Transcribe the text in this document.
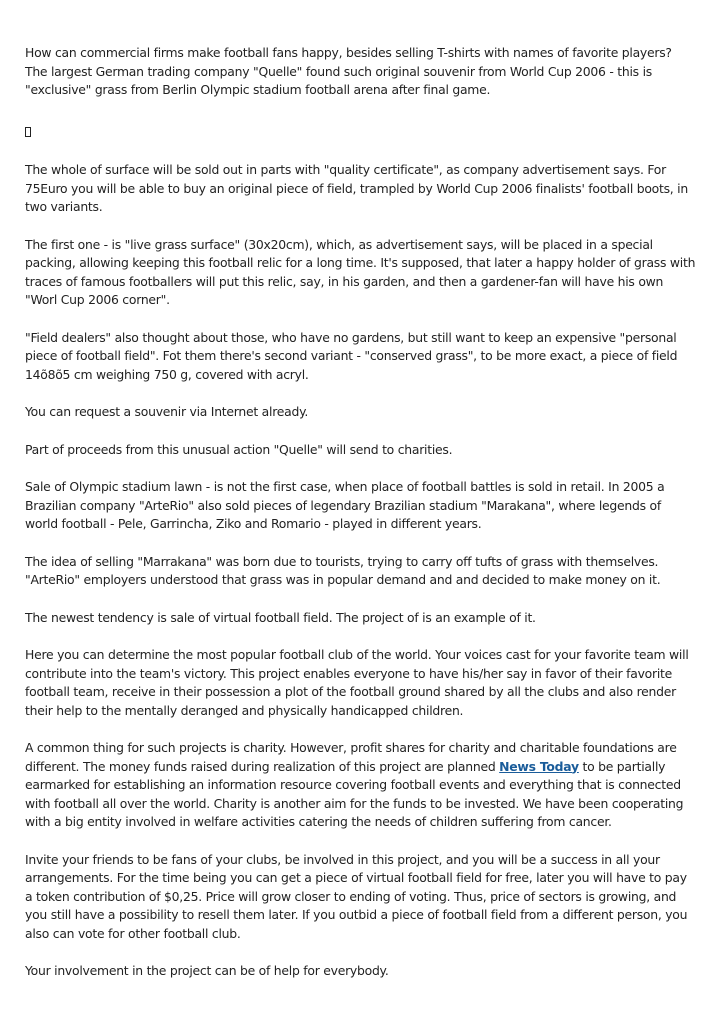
How can commercial firms make football fans happy, besides selling T-shirts with names of favorite players? The largest German trading company "Quelle" found such original souvenir from World Cup 2006 - this is "exclusive" grass from Berlin Olympic stadium football arena after final game.

The whole of surface will be sold out in parts with "quality certificate", as company advertisement says. For 75Euro you will be able to buy an original piece of field, trampled by World Cup 2006 finalists' football boots, in two variants.

The first one - is "live grass surface" (30x20cm), which, as advertisement says, will be placed in a special packing, allowing keeping this football relic for a long time. It's supposed, that later a happy holder of grass with traces of famous footballers will put this relic, say, in his garden, and then a gardener-fan will have his own "Worl Cup 2006 corner".

"Field dealers" also thought about those, who have no gardens, but still want to keep an expensive "personal piece of football field". Fot them there's second variant - "conserved grass", to be more exact, a piece of field 14õ8õ5 cm weighing 750 g, covered with acryl.

You can request a souvenir via Internet already.

Part of proceeds from this unusual action "Quelle" will send to charities.

Sale of Olympic stadium lawn - is not the first case, when place of football battles is sold in retail. In 2005 a Brazilian company "ArteRio" also sold pieces of legendary Brazilian stadium "Marakana", where legends of world football - Pele, Garrincha, Ziko and Romario - played in different years.

The idea of selling "Marrakana" was born due to tourists, trying to carry off tufts of grass with themselves. "ArteRio" employers understood that grass was in popular demand and and decided to make money on it.

The newest tendency is sale of virtual football field. The project of is an example of it.

Here you can determine the most popular football club of the world. Your voices cast for your favorite team will contribute into the team's victory. This project enables everyone to have his/her say in favor of their favorite football team, receive in their possession a plot of the football ground shared by all the clubs and also render their help to the mentally deranged and physically handicapped children.

A common thing for such projects is charity. However, profit shares for charity and charitable foundations are different. The money funds raised during realization of this project are planned News Today to be partially earmarked for establishing an information resource covering football events and everything that is connected with football all over the world. Charity is another aim for the funds to be invested. We have been cooperating with a big entity involved in welfare activities catering the needs of children suffering from cancer.

Invite your friends to be fans of your clubs, be involved in this project, and you will be a success in all your arrangements. For the time being you can get a piece of virtual football field for free, later you will have to pay a token contribution of $0,25. Price will grow closer to ending of voting. Thus, price of sectors is growing, and you still have a possibility to resell them later. If you outbid a piece of football field from a different person, you also can vote for other football club.

Your involvement in the project can be of help for everybody.
